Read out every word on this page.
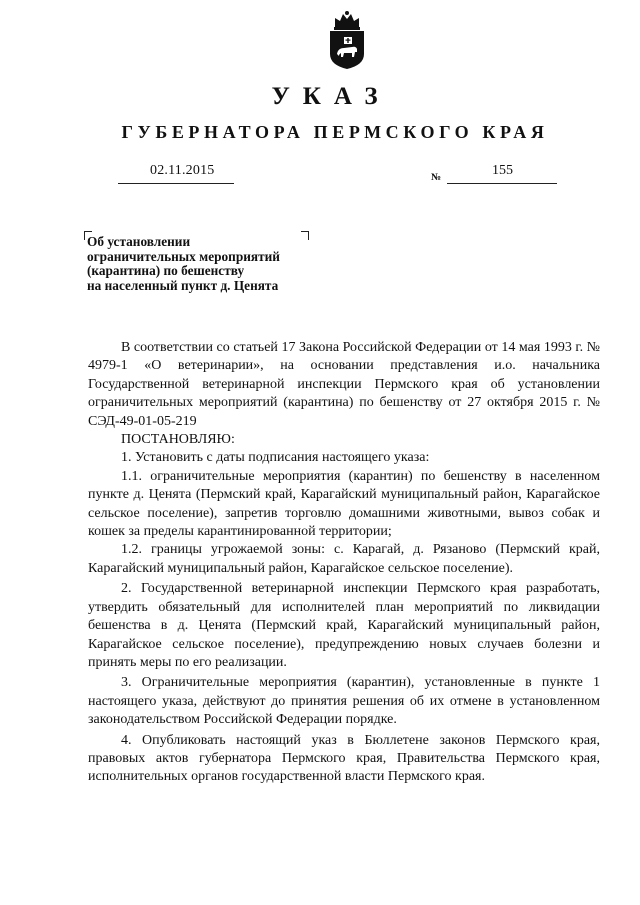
УКАЗ
ГУБЕРНАТОРА ПЕРМСКОГО КРАЯ
02.11.2015	№	155
Об установлении
ограничительных мероприятий
(карантина) по бешенству
на населенный пункт д. Ценята

В соответствии со статьей 17 Закона Российской Федерации от 14 мая 1993 г. № 4979-1 «О ветеринарии», на основании представления и.о. начальника Государственной ветеринарной инспекции Пермского края об установлении ограничительных мероприятий (карантина) по бешенству от 27 октября 2015 г. № СЭД-49-01-05-219

ПОСТАНОВЛЯЮ:

1. Установить с даты подписания настоящего указа:

1.1. ограничительные мероприятия (карантин) по бешенству в населенном пункте д. Ценята (Пермский край, Карагайский муниципальный район, Карагайское сельское поселение), запретив торговлю домашними животными, вывоз собак и кошек за пределы карантинированной территории;

1.2. границы угрожаемой зоны: с. Карагай, д. Рязаново (Пермский край, Карагайский муниципальный район, Карагайское сельское поселение).

2. Государственной ветеринарной инспекции Пермского края разработать, утвердить обязательный для исполнителей план мероприятий по ликвидации бешенства в д. Ценята (Пермский край, Карагайский муниципальный район, Карагайское сельское поселение), предупреждению новых случаев болезни и принять меры по его реализации.

3. Ограничительные мероприятия (карантин), установленные в пункте 1 настоящего указа, действуют до принятия решения об их отмене в установленном законодательством Российской Федерации порядке.

4. Опубликовать настоящий указ в Бюллетене законов Пермского края, правовых актов губернатора Пермского края, Правительства Пермского края, исполнительных органов государственной власти Пермского края.
